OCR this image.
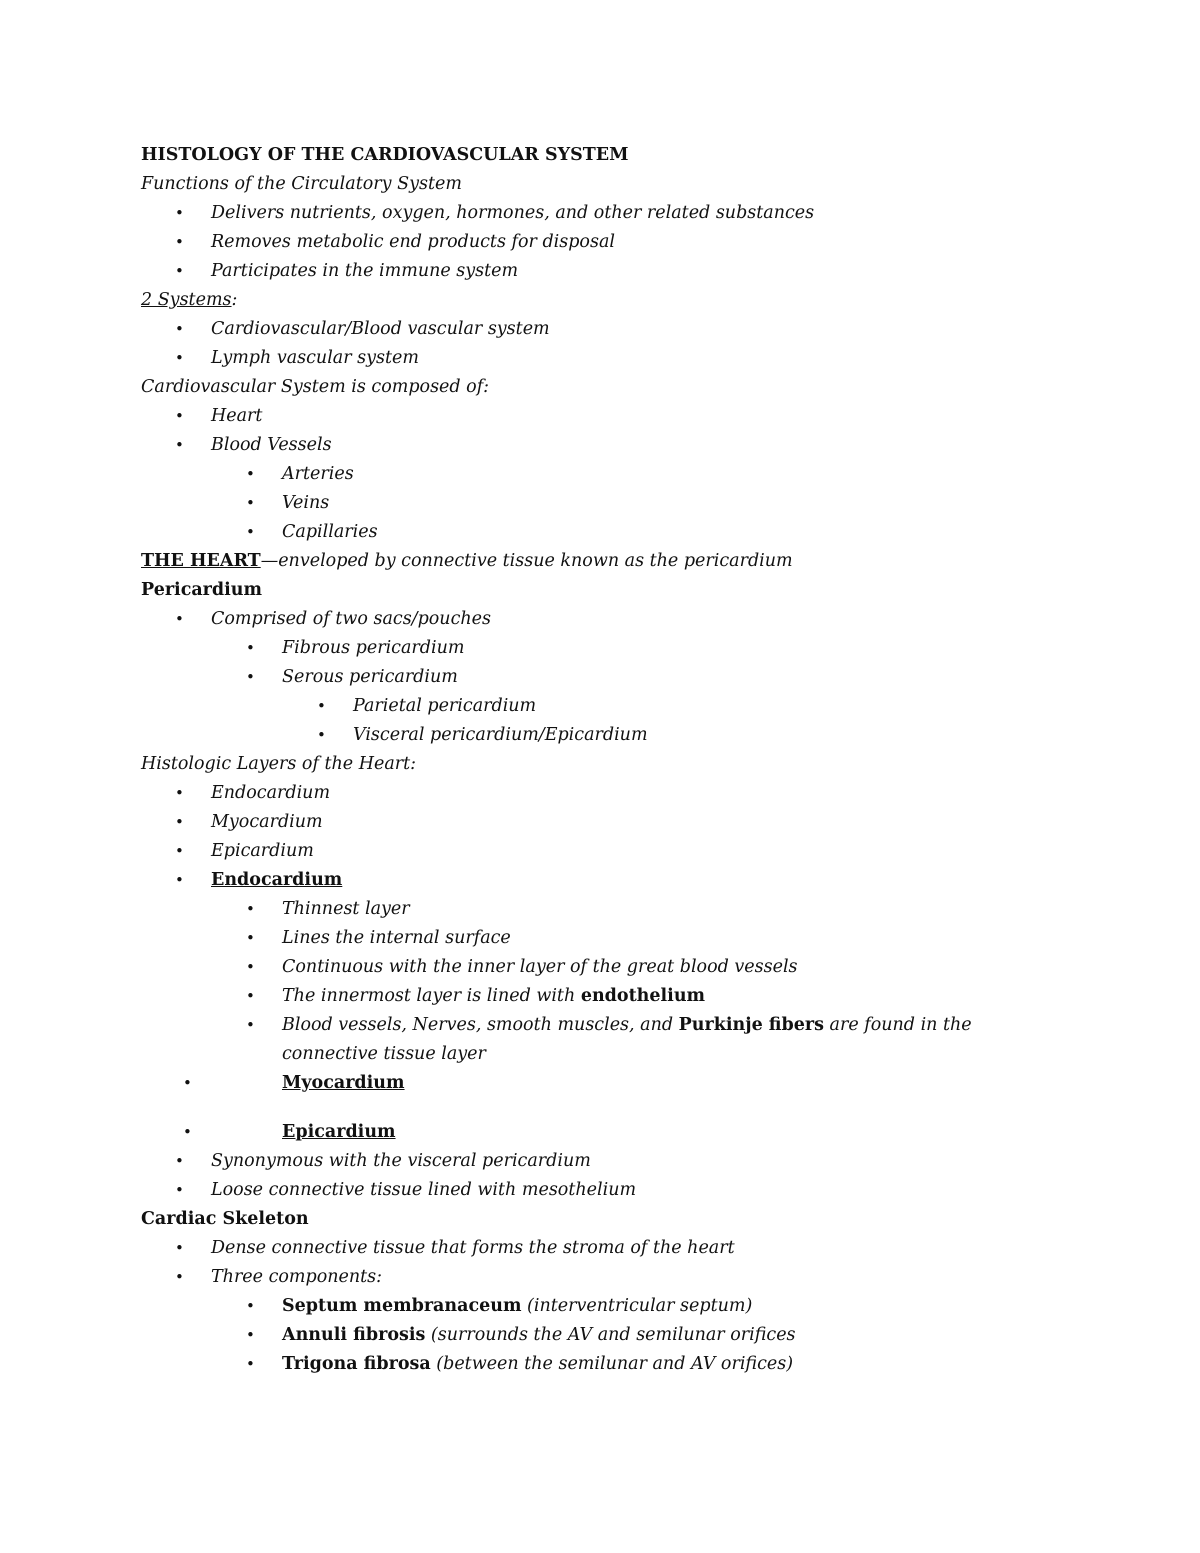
HISTOLOGY OF THE CARDIOVASCULAR SYSTEM
Functions of the Circulatory System
• Delivers nutrients, oxygen, hormones, and other related substances
• Removes metabolic end products for disposal
• Participates in the immune system
2 Systems:
• Cardiovascular/Blood vascular system
• Lymph vascular system
Cardiovascular System is composed of:
• Heart
• Blood Vessels
• Arteries
• Veins
• Capillaries
THE HEART—enveloped by connective tissue known as the pericardium
Pericardium
• Comprised of two sacs/pouches
• Fibrous pericardium
• Serous pericardium
• Parietal pericardium
• Visceral pericardium/Epicardium
Histologic Layers of the Heart:
• Endocardium
• Myocardium
• Epicardium
• Endocardium
• Thinnest layer
• Lines the internal surface
• Continuous with the inner layer of the great blood vessels
• The innermost layer is lined with endothelium
• Blood vessels, Nerves, smooth muscles, and Purkinje fibers are found in the
connective tissue layer
•	Myocardium
•	Epicardium
• Synonymous with the visceral pericardium
• Loose connective tissue lined with mesothelium
Cardiac Skeleton
• Dense connective tissue that forms the stroma of the heart
• Three components:
• Septum membranaceum (interventricular septum)
• Annuli fibrosis (surrounds the AV and semilunar orifices
• Trigona fibrosa (between the semilunar and AV orifices)
